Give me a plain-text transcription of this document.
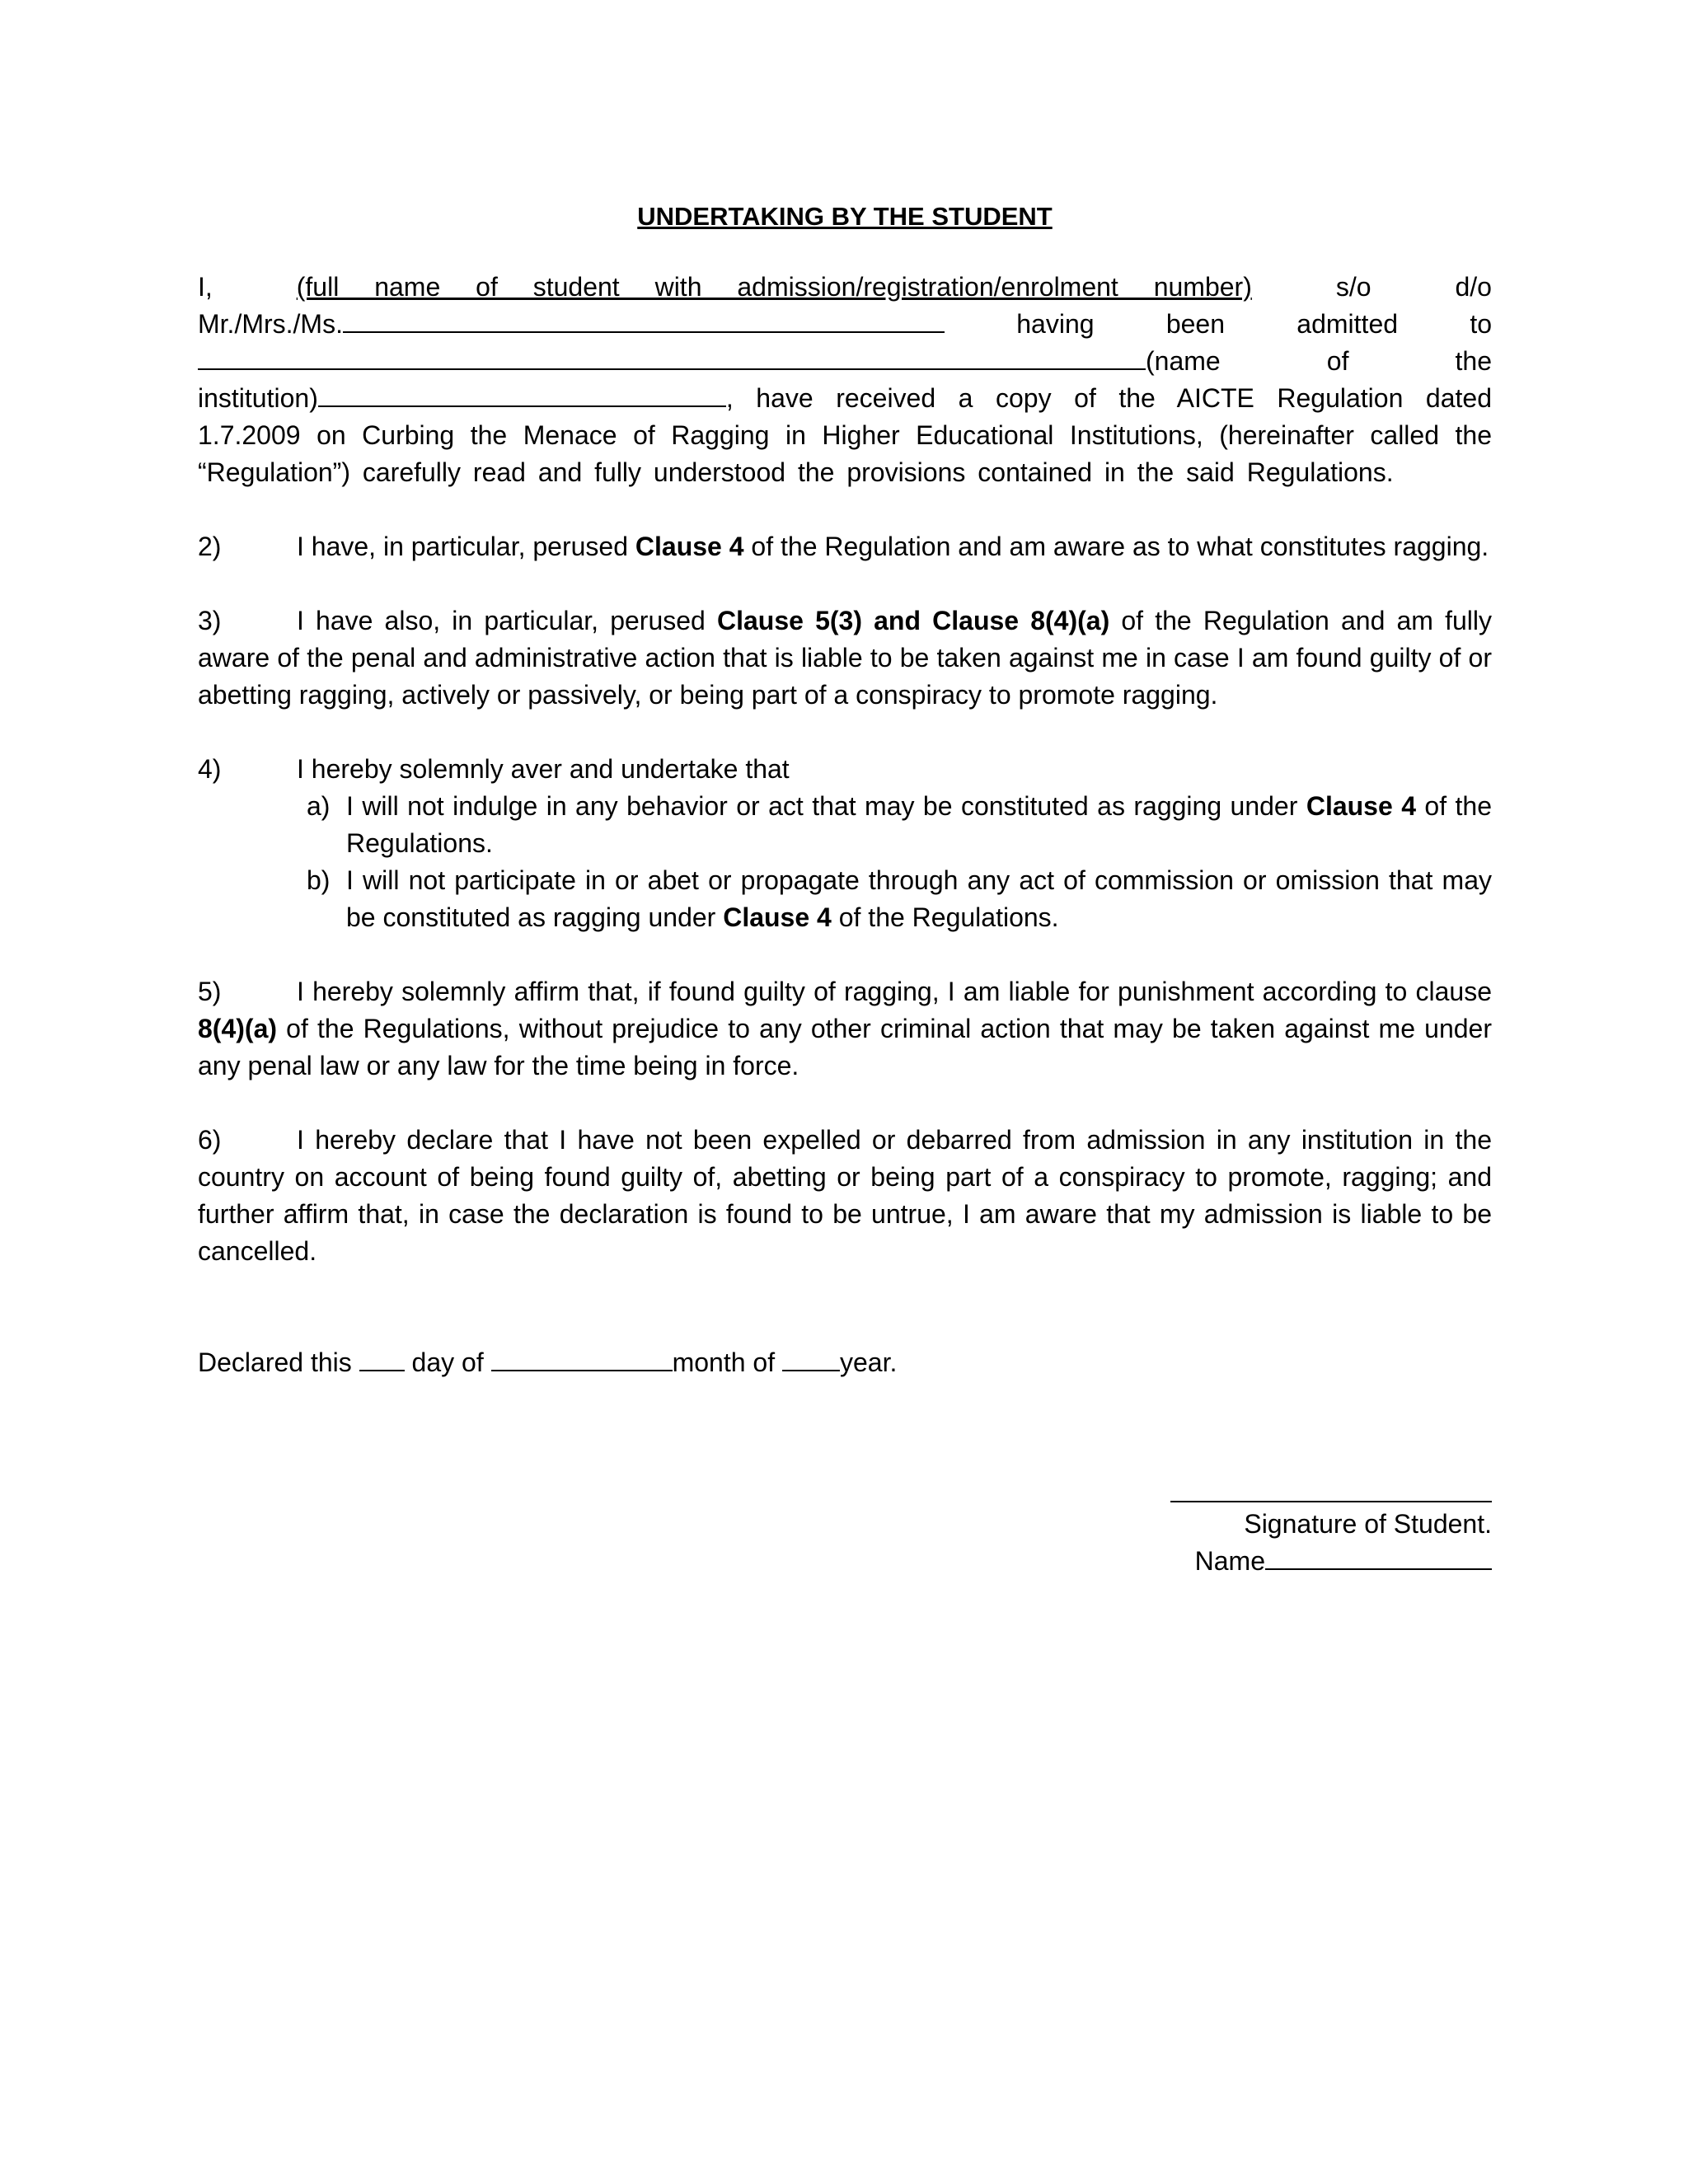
UNDERTAKING BY THE STUDENT
I,	(full name of student with admission/registration/enrolment number)	s/o	d/o
Mr./Mrs./Ms.	having	been	admitted	to
(name	of	the
institution)	, have received a copy of the AICTE Regulation dated 1.7.2009 on Curbing the Menace of Ragging in Higher Educational Institutions, (hereinafter called the “Regulation”) carefully read and fully understood the provisions contained in the said Regulations.
2)	I have, in particular, perused Clause 4 of the Regulation and am aware as to what constitutes ragging.
3)	I have also, in particular, perused Clause 5(3) and Clause 8(4)(a) of the Regulation and am fully aware of the penal and administrative action that is liable to be taken against me in case I am found guilty of or abetting ragging, actively or passively, or being part of a conspiracy to promote ragging.
4)	I hereby solemnly aver and undertake that

a) I will not indulge in any behavior or act that may be constituted as ragging under Clause 4 of the Regulations.

b) I will not participate in or abet or propagate through any act of commission or omission that may be constituted as ragging under Clause 4 of the Regulations.

5)	I hereby solemnly affirm that, if found guilty of ragging, I am liable for punishment according to clause 8(4)(a) of the Regulations, without prejudice to any other criminal action that may be taken against me under any penal law or any law for the time being in force.
6)	I hereby declare that I have not been expelled or debarred from admission in any institution in the country on account of being found guilty of, abetting or being part of a conspiracy to promote, ragging; and further affirm that, in case the declaration is found to be untrue, I am aware that my admission is liable to be cancelled.
Declared this day of	month of year.
Signature of Student.
Name
